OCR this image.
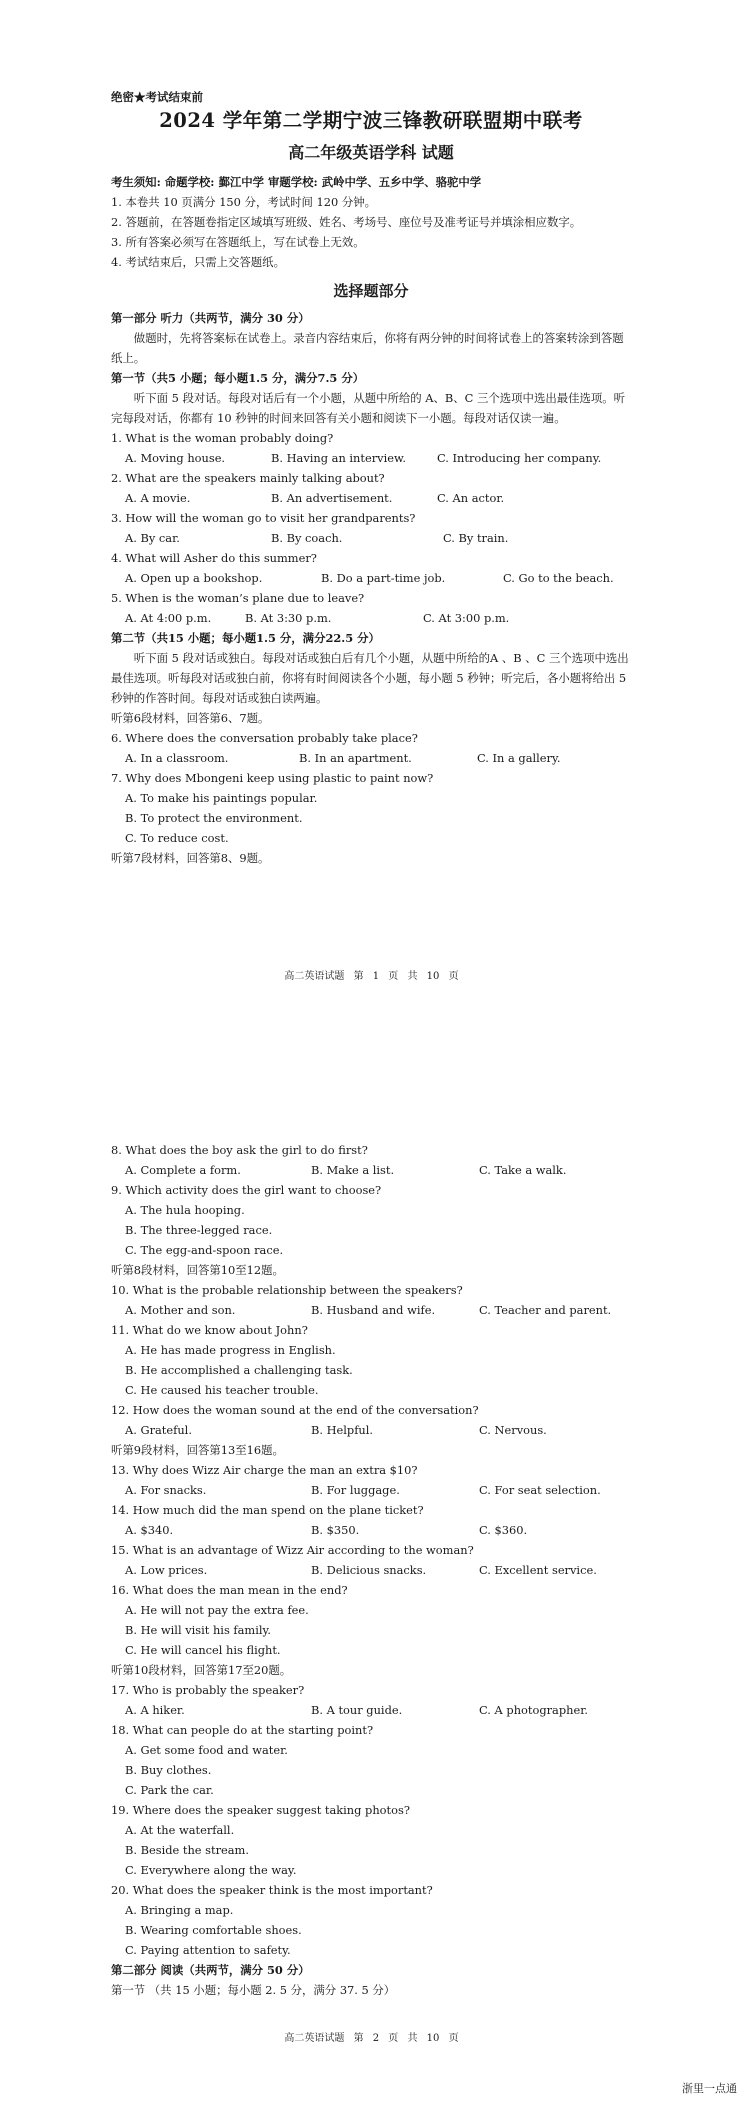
绝密★考试结束前
2024 学年第二学期宁波三锋教研联盟期中联考
高二年级英语学科 试题
考生须知: 命题学校: 鄞江中学 审题学校: 武岭中学、五乡中学、骆驼中学
1. 本卷共 10 页满分 150 分，考试时间 120 分钟。
2. 答题前，在答题卷指定区域填写班级、姓名、考场号、座位号及准考证号并填涂相应数字。
3. 所有答案必须写在答题纸上，写在试卷上无效。
4. 考试结束后，只需上交答题纸。
选择题部分
第一部分 听力（共两节，满分 30 分）
做题时，先将答案标在试卷上。录音内容结束后，你将有两分钟的时间将试卷上的答案转涂到答题纸上。
第一节（共5 小题；每小题1.5 分，满分7.5 分）
听下面 5 段对话。每段对话后有一个小题，从题中所给的 A、B、C 三个选项中选出最佳选项。听完每段对话，你都有 10 秒钟的时间来回答有关小题和阅读下一小题。每段对话仅读一遍。
1. What is the woman probably doing?
A. Moving house.	B. Having an interview.	C. Introducing her company.
2. What are the speakers mainly talking about?
A. A movie.	B. An advertisement.	C. An actor.
3. How will the woman go to visit her grandparents?
A. By car.	B. By coach.	C. By train.
4. What will Asher do this summer?
A. Open up a bookshop.	B. Do a part-time job.	C. Go to the beach.
5. When is the woman’s plane due to leave?
A. At 4:00 p.m.	B. At 3:30 p.m.	C. At 3:00 p.m.
第二节（共15 小题；每小题1.5 分，满分22.5 分）
听下面 5 段对话或独白。每段对话或独白后有几个小题，从题中所给的A 、B 、C 三个选项中选出最佳选项。听每段对话或独白前，你将有时间阅读各个小题，每小题 5 秒钟；听完后，各小题将给出 5 秒钟的作答时间。每段对话或独白读两遍。
听第6段材料，回答第6、7题。
6. Where does the conversation probably take place?
A. In a classroom.	B. In an apartment.	C. In a gallery.
7. Why does Mbongeni keep using plastic to paint now?
A. To make his paintings popular.
B. To protect the environment.
C. To reduce cost.
听第7段材料，回答第8、9题。
高二英语试题 第 1 页 共 10 页
8. What does the boy ask the girl to do first?
A. Complete a form.	B. Make a list.	C. Take a walk.
9. Which activity does the girl want to choose?
A. The hula hooping.
B. The three-legged race.
C. The egg-and-spoon race.
听第8段材料，回答第10至12题。
10. What is the probable relationship between the speakers?
A. Mother and son.	B. Husband and wife.	C. Teacher and parent.
11. What do we know about John?
A. He has made progress in English.
B. He accomplished a challenging task.
C. He caused his teacher trouble.
12. How does the woman sound at the end of the conversation?
A. Grateful.	B. Helpful.	C. Nervous.
听第9段材料，回答第13至16题。
13. Why does Wizz Air charge the man an extra $10?
A. For snacks.	B. For luggage.	C. For seat selection.
14. How much did the man spend on the plane ticket?
A. $340.	B. $350.	C. $360.
15. What is an advantage of Wizz Air according to the woman?
A. Low prices.	B. Delicious snacks.	C. Excellent service.
16. What does the man mean in the end?
A. He will not pay the extra fee.
B. He will visit his family.
C. He will cancel his flight.
听第10段材料，回答第17至20题。
17. Who is probably the speaker?
A. A hiker.	B. A tour guide.	C. A photographer.
18. What can people do at the starting point?
A. Get some food and water.
B. Buy clothes.
C. Park the car.
19. Where does the speaker suggest taking photos?
A. At the waterfall.
B. Beside the stream.
C. Everywhere along the way.
20. What does the speaker think is the most important?
A. Bringing a map.
B. Wearing comfortable shoes.
C. Paying attention to safety.
第二部分 阅读（共两节，满分 50 分）
第一节 （共 15 小题；每小题 2. 5 分，满分 37. 5 分）
高二英语试题 第 2 页 共 10 页
浙里一点通
